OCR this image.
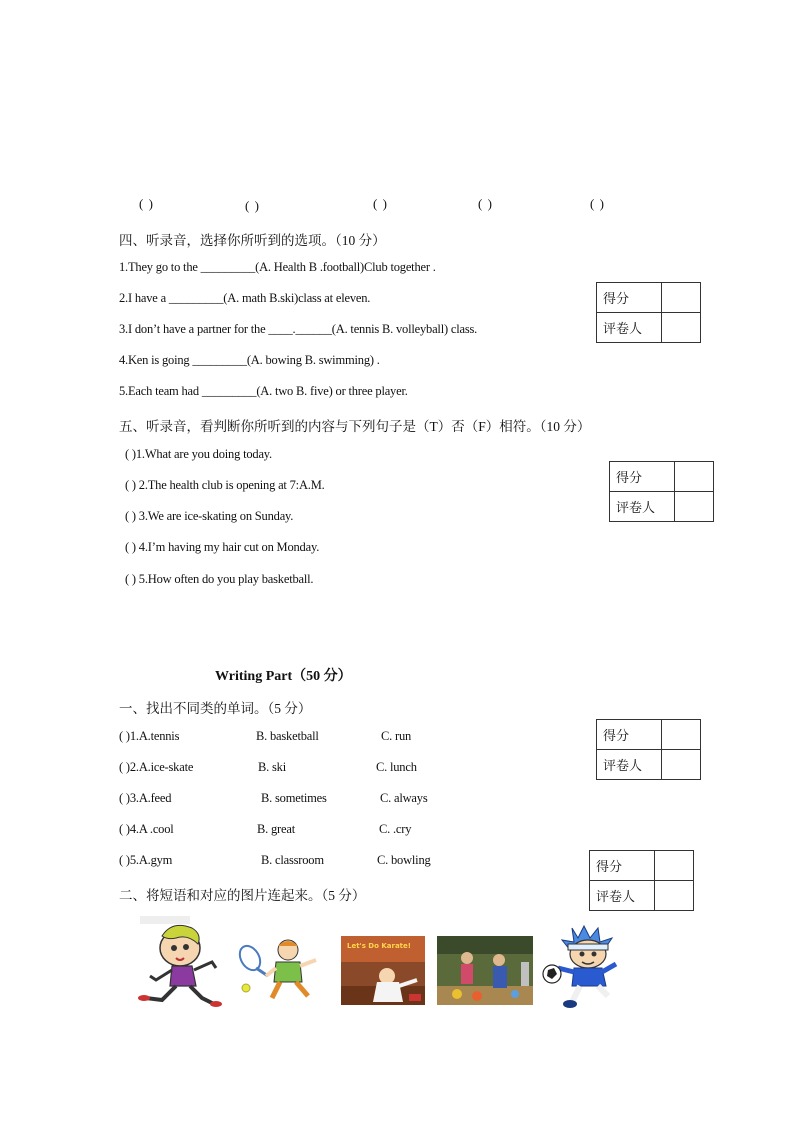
( )	( )	( )	( )	( )
四、听录音，选择你所听到的选项。（10 分）
1.They go to the _________(A. Health B .football)Club together .
2.I have a _________(A. math B.ski)class at eleven.
3.I don’t have a partner for the ____.______(A. tennis B. volleyball) class.
4.Ken is going _________(A. bowing B. swimming) .
5.Each team had _________(A. two B. five) or three player.
得分	
评卷人	
五、听录音，看判断你所听到的内容与下列句子是（T）否（F）相符。（10 分）
( )1.What are you doing today.
( ) 2.The health club is opening at 7:A.M.
( ) 3.We are ice-skating on Sunday.
( ) 4.I’m having my hair cut on Monday.
( ) 5.How often do you play basketball.
得分	
评卷人	
Writing Part（50 分）
一、找出不同类的单词。（5 分）
( )1.A.tennis	B. basketball	C. run
( )2.A.ice-skate	B. ski	C. lunch
( )3.A.feed	B. sometimes	C. always
( )4.A .cool	B. great	C. .cry
( )5.A.gym	B. classroom	C. bowling
得分	
评卷人	
得分	
评卷人	
二、将短语和对应的图片连起来。（5 分）
Let's Do Karate!
